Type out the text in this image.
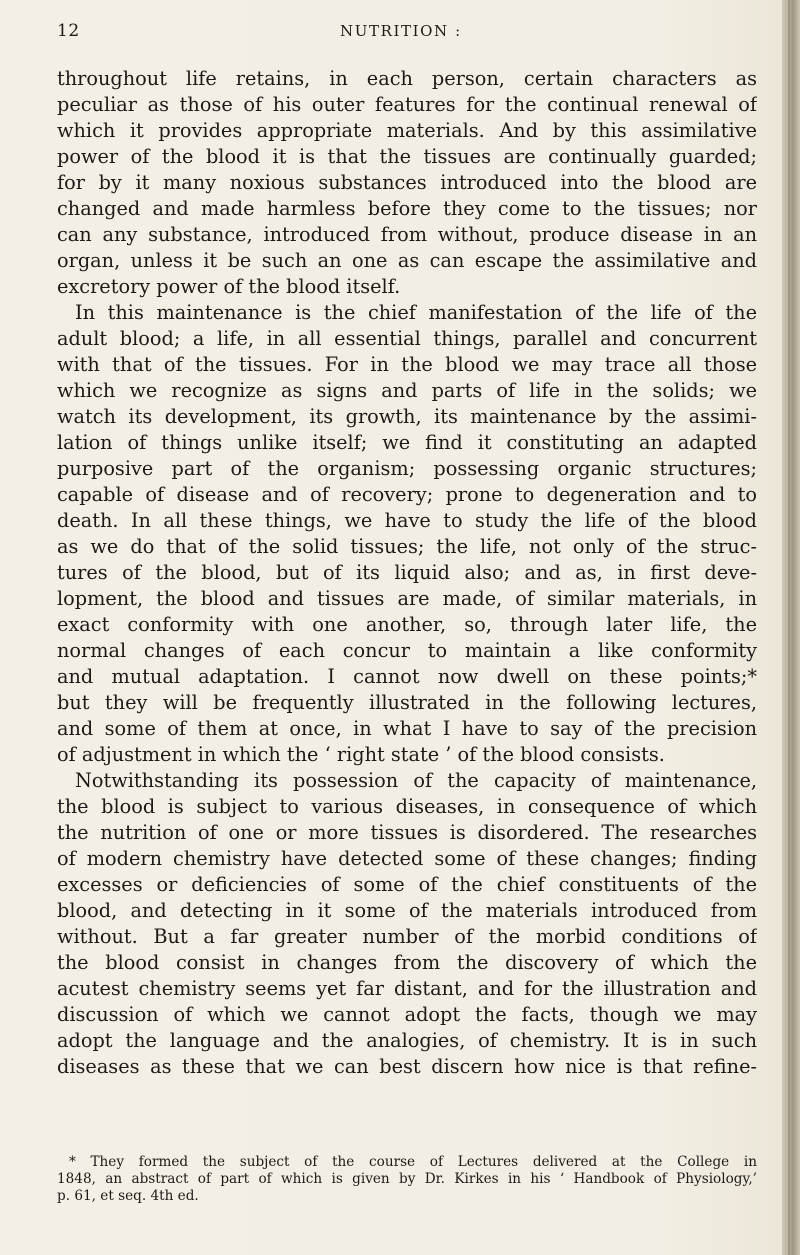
12	NUTRITION :
throughout life retains, in each person, certain characters as
peculiar as those of his outer features for the continual renewal of
which it provides appropriate materials. And by this assimilative
power of the blood it is that the tissues are continually guarded;
for by it many noxious substances introduced into the blood are
changed and made harmless before they come to the tissues; nor
can any substance, introduced from without, produce disease in an
organ, unless it be such an one as can escape the assimilative and
excretory power of the blood itself.
In this maintenance is the chief manifestation of the life of the
adult blood; a life, in all essential things, parallel and concurrent
with that of the tissues. For in the blood we may trace all those
which we recognize as signs and parts of life in the solids; we
watch its development, its growth, its maintenance by the assimi-
lation of things unlike itself; we find it constituting an adapted
purposive part of the organism; possessing organic structures;
capable of disease and of recovery; prone to degeneration and to
death. In all these things, we have to study the life of the blood
as we do that of the solid tissues; the life, not only of the struc-
tures of the blood, but of its liquid also; and as, in first deve-
lopment, the blood and tissues are made, of similar materials, in
exact conformity with one another, so, through later life, the
normal changes of each concur to maintain a like conformity
and mutual adaptation. I cannot now dwell on these points;*
but they will be frequently illustrated in the following lectures,
and some of them at once, in what I have to say of the precision
of adjustment in which the ‘ right state ’ of the blood consists.
Notwithstanding its possession of the capacity of maintenance,
the blood is subject to various diseases, in consequence of which
the nutrition of one or more tissues is disordered. The researches
of modern chemistry have detected some of these changes; finding
excesses or deficiencies of some of the chief constituents of the
blood, and detecting in it some of the materials introduced from
without. But a far greater number of the morbid conditions of
the blood consist in changes from the discovery of which the
acutest chemistry seems yet far distant, and for the illustration and
discussion of which we cannot adopt the facts, though we may
adopt the language and the analogies, of chemistry. It is in such
diseases as these that we can best discern how nice is that refine-
* They formed the subject of the course of Lectures delivered at the College in
1848, an abstract of part of which is given by Dr. Kirkes in his ‘ Handbook of Physiology,’
p. 61, et seq. 4th ed.
